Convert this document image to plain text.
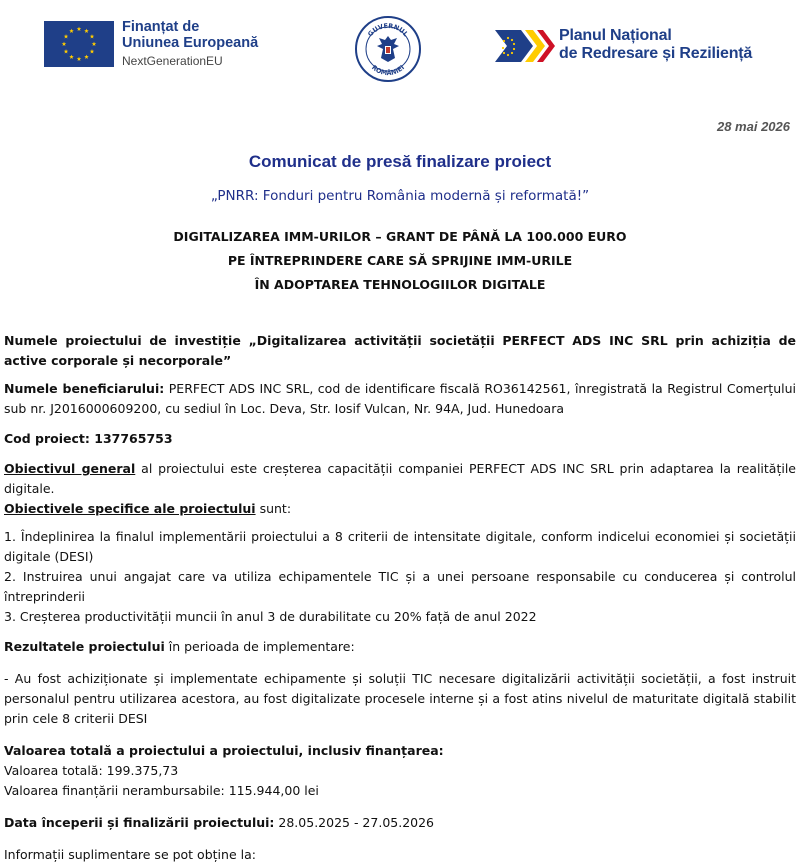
Finanțat de
Uniunea Europeană
NextGenerationEU
GUVERNUL
ROMÂNIEI
Planul Național
de Redresare și Reziliență
28 mai 2026
Comunicat de presă finalizare proiect
„PNRR: Fonduri pentru România modernă și reformată!”
DIGITALIZAREA IMM-URILOR – GRANT DE PÂNĂ LA 100.000 EURO
PE ÎNTREPRINDERE CARE SĂ SPRIJINE IMM-URILE
ÎN ADOPTAREA TEHNOLOGIILOR DIGITALE

Numele proiectului de investiție „Digitalizarea activității societății PERFECT ADS INC SRL prin achiziția de active corporale și necorporale”

Numele beneficiarului: PERFECT ADS INC SRL, cod de identificare fiscală RO36142561, înregistrată la Registrul Comerțului sub nr. J2016000609200, cu sediul în Loc. Deva, Str. Iosif Vulcan, Nr. 94A, Jud. Hunedoara

Cod proiect: 137765753

Obiectivul general al proiectului este creșterea capacității companiei PERFECT ADS INC SRL prin adaptarea la realitățile digitale.

Obiectivele specifice ale proiectului sunt:

1. Îndeplinirea la finalul implementării proiectului a 8 criterii de intensitate digitale, conform indicelui economiei și societății digitale (DESI)

2. Instruirea unui angajat care va utiliza echipamentele TIC și a unei persoane responsabile cu conducerea și controlul întreprinderii

3. Creșterea productivității muncii în anul 3 de durabilitate cu 20% față de anul 2022

Rezultatele proiectului în perioada de implementare:

- Au fost achiziționate și implementate echipamente și soluții TIC necesare digitalizării activității societății, a fost instruit personalul pentru utilizarea acestora, au fost digitalizate procesele interne și a fost atins nivelul de maturitate digitală stabilit prin cele 8 criterii DESI

Valoarea totală a proiectului a proiectului, inclusiv finanțarea:

Valoarea totală: 199.375,73

Valoarea finanțării nerambursabile: 115.944,00 lei

Data începerii și finalizării proiectului: 28.05.2025 - 27.05.2026

Informații suplimentare se pot obține la:
